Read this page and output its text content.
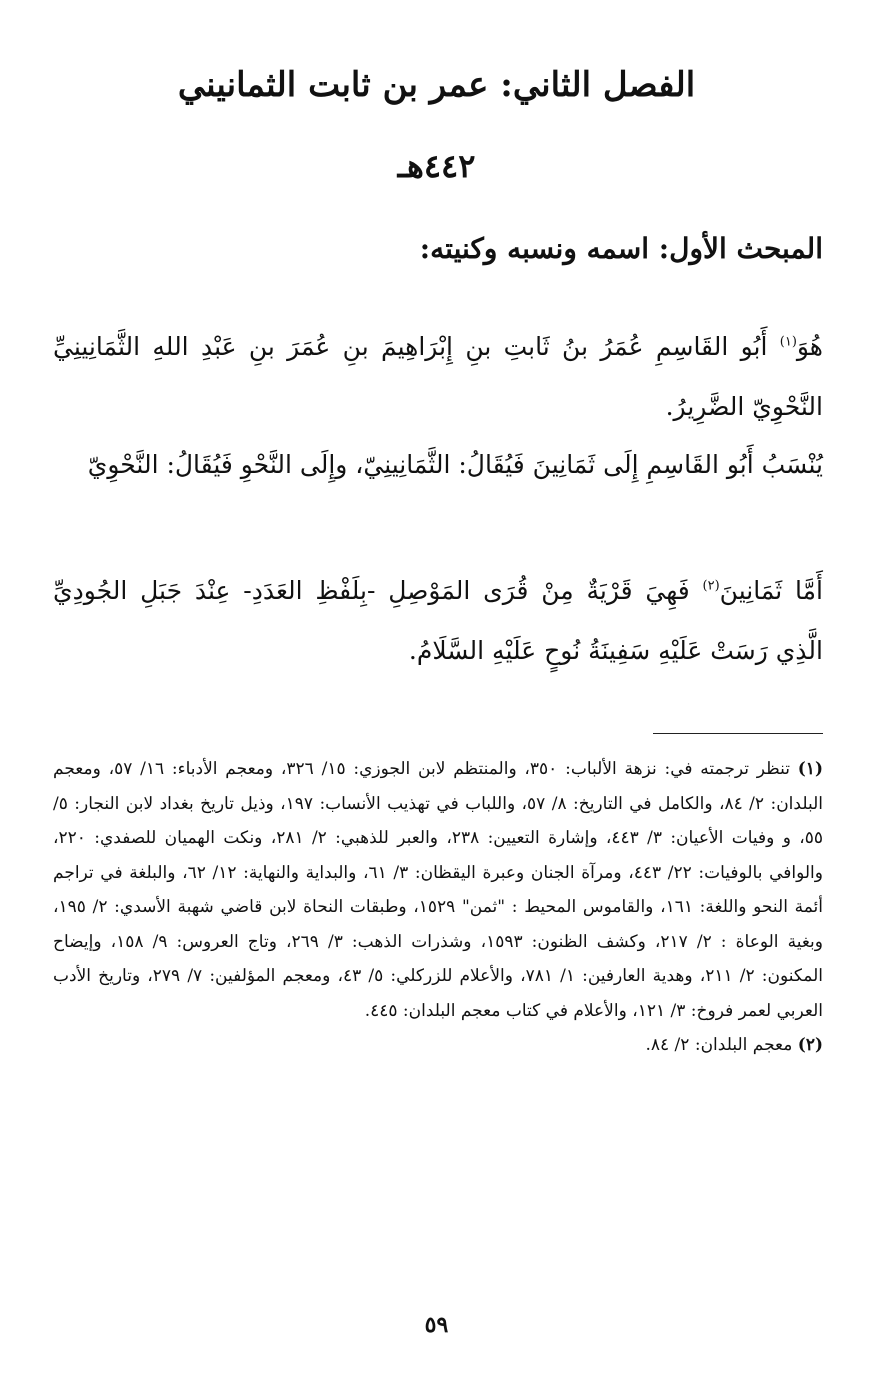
الفصل الثاني: عمر بن ثابت الثمانيني
٤٤٢هـ
المبحث الأول: اسمه ونسبه وكنيته:

هُوَ$^{(١)}$ أَبُو القَاسِمِ عُمَرُ بنُ ثَابتِ بنِ إِبْرَاهِيمَ بنِ عُمَرَ بنِ عَبْدِ اللهِ الثَّمَانِينِيِّ النَّحْوِيّ الضَّرِيرُ.

يُنْسَبُ أَبُو القَاسِمِ إِلَى ثَمَانِينَ فَيُقَالُ: الثَّمَانِينِيّ، وإِلَى النَّحْوِ فَيُقَالُ: النَّحْوِيّ

أَمَّا ثَمَانِينَ$^{(٢)}$ فَهِيَ قَرْيَةٌ مِنْ قُرَى المَوْصِلِ -بِلَفْظِ العَدَدِ- عِنْدَ جَبَلِ الجُودِيِّ الَّذِي رَسَتْ عَلَيْهِ سَفِينَةُ نُوحٍ عَلَيْهِ السَّلَامُ.

(١) تنظر ترجمته في: نزهة الألباب: ٣٥٠، والمنتظم لابن الجوزي: ١٥/ ٣٢٦، ومعجم الأدباء: ١٦/ ٥٧، ومعجم البلدان: ٢/ ٨٤، والكامل في التاريخ: ٨/ ٥٧، واللباب في تهذيب الأنساب: ١٩٧، وذيل تاريخ بغداد لابن النجار: ٥/ ٥٥، و وفيات الأعيان: ٣/ ٤٤٣، وإشارة التعيين: ٢٣٨، والعبر للذهبي: ٢/ ٢٨١، ونكت الهميان للصفدي: ٢٢٠، والوافي بالوفيات: ٢٢/ ٤٤٣، ومرآة الجنان وعبرة اليقظان: ٣/ ٦١، والبداية والنهاية: ١٢/ ٦٢، والبلغة في تراجم أئمة النحو واللغة: ١٦١، والقاموس المحيط : "ثمن" ١٥٢٩، وطبقات النحاة لابن قاضي شهبة الأسدي: ٢/ ١٩٥، وبغية الوعاة : ٢/ ٢١٧، وكشف الظنون: ١٥٩٣، وشذرات الذهب: ٣/ ٢٦٩، وتاج العروس: ٩/ ١٥٨، وإيضاح المكنون: ٢/ ٢١١، وهدية العارفين: ١/ ٧٨١، والأعلام للزركلي: ٥/ ٤٣، ومعجم المؤلفين: ٧/ ٢٧٩، وتاريخ الأدب العربي لعمر فروخ: ٣/ ١٢١، والأعلام في كتاب معجم البلدان: ٤٤٥.

(٢) معجم البلدان: ٢/ ٨٤.

٥٩
